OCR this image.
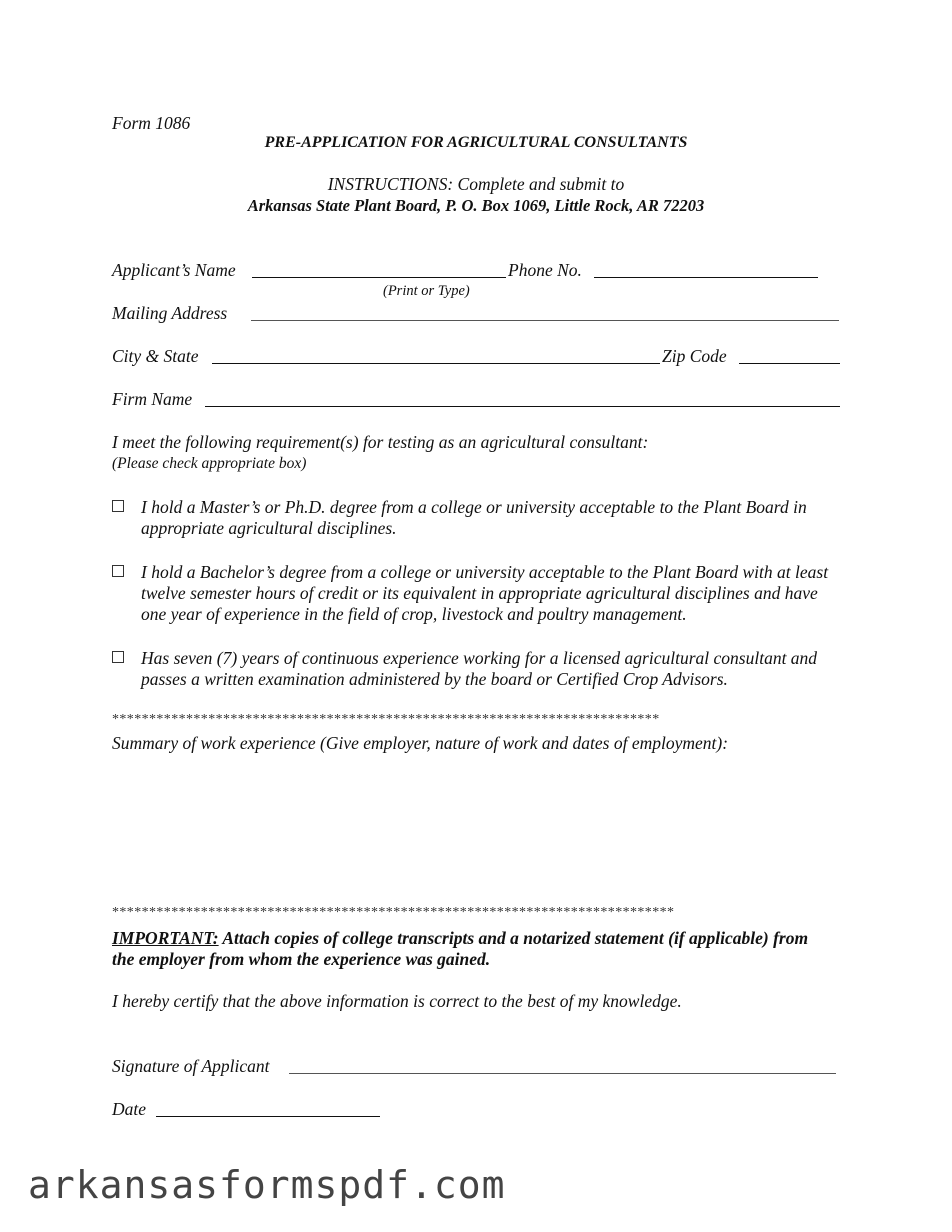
Form 1086
PRE-APPLICATION FOR AGRICULTURAL CONSULTANTS
INSTRUCTIONS: Complete and submit to
Arkansas State Plant Board, P. O. Box 1069, Little Rock, AR 72203
Applicant’s Name	Phone No.
(Print or Type)
Mailing Address
City & State	Zip Code
Firm Name
I meet the following requirement(s) for testing as an agricultural consultant:
(Please check appropriate box)
I hold a Master’s or Ph.D. degree from a college or university acceptable to the Plant Board in appropriate agricultural disciplines.
I hold a Bachelor’s degree from a college or university acceptable to the Plant Board with at least twelve semester hours of credit or its equivalent in appropriate agricultural disciplines and have one year of experience in the field of crop, livestock and poultry management.
Has seven (7) years of continuous experience working for a licensed agricultural consultant and passes a written examination administered by the board or Certified Crop Advisors.
**************************************************************************
Summary of work experience (Give employer, nature of work and dates of employment):
****************************************************************************
IMPORTANT: Attach copies of college transcripts and a notarized statement (if applicable) from the employer from whom the experience was gained.
I hereby certify that the above information is correct to the best of my knowledge.
Signature of Applicant
Date
arkansasformspdf.com
